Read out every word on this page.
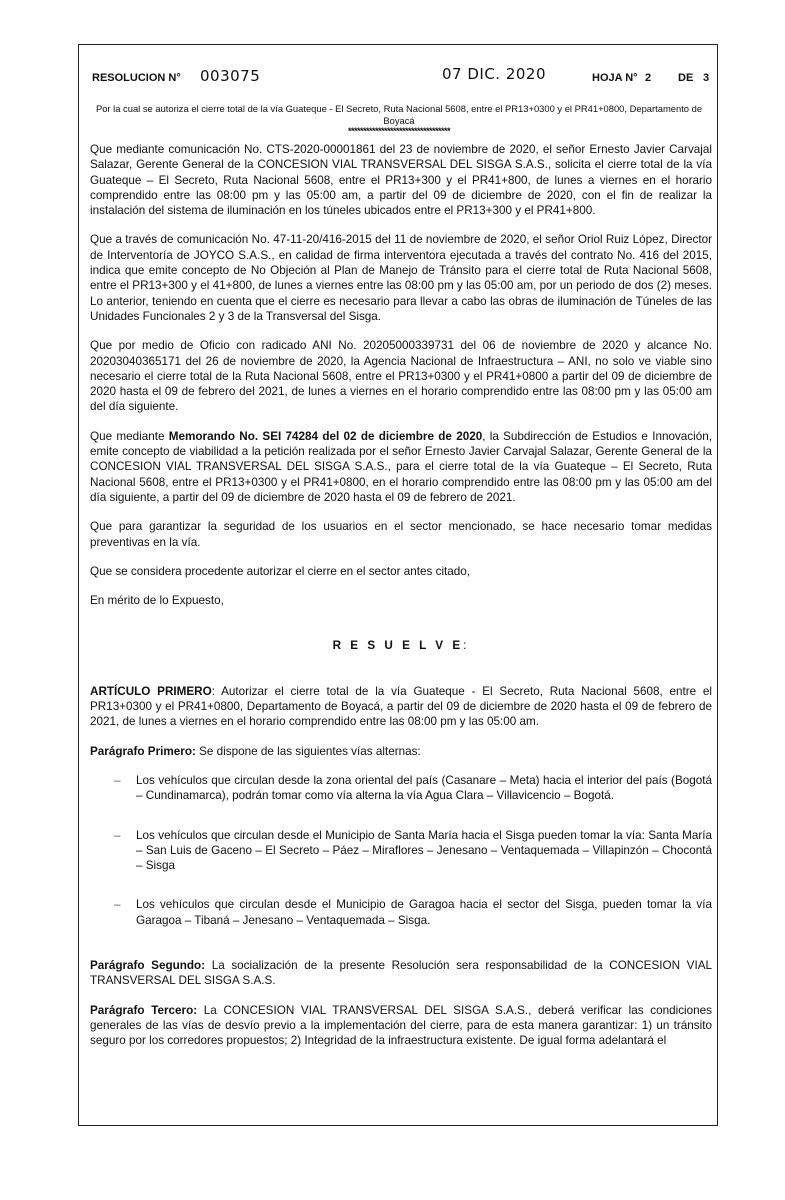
RESOLUCION N° 003075	07 DIC. 2020	HOJA N° 2 DE 3
Por la cual se autoriza el cierre total de la vía Guateque - El Secreto, Ruta Nacional 5608, entre el PR13+0300 y el PR41+0800, Departamento de Boyacá
**********************************

Que mediante comunicación No. CTS-2020-00001861 del 23 de noviembre de 2020, el señor Ernesto Javier Carvajal Salazar, Gerente General de la CONCESION VIAL TRANSVERSAL DEL SISGA S.A.S., solicita el cierre total de la vía Guateque – El Secreto, Ruta Nacional 5608, entre el PR13+300 y el PR41+800, de lunes a viernes en el horario comprendido entre las 08:00 pm y las 05:00 am, a partir del 09 de diciembre de 2020, con el fin de realizar la instalación del sistema de iluminación en los túneles ubicados entre el PR13+300 y el PR41+800.

Que a través de comunicación No. 47-11-20/416-2015 del 11 de noviembre de 2020, el señor Oriol Ruiz López, Director de Interventoría de JOYCO S.A.S., en calidad de firma interventora ejecutada a través del contrato No. 416 del 2015, indica que emite concepto de No Objeción al Plan de Manejo de Tránsito para el cierre total de Ruta Nacional 5608, entre el PR13+300 y el 41+800, de lunes a viernes entre las 08:00 pm y las 05:00 am, por un periodo de dos (2) meses. Lo anterior, teniendo en cuenta que el cierre es necesario para llevar a cabo las obras de iluminación de Túneles de las Unidades Funcionales 2 y 3 de la Transversal del Sisga.

Que por medio de Oficio con radicado ANI No. 20205000339731 del 06 de noviembre de 2020 y alcance No. 20203040365171 del 26 de noviembre de 2020, la Agencia Nacional de Infraestructura – ANI, no solo ve viable sino necesario el cierre total de la Ruta Nacional 5608, entre el PR13+0300 y el PR41+0800 a partir del 09 de diciembre de 2020 hasta el 09 de febrero del 2021, de lunes a viernes en el horario comprendido entre las 08:00 pm y las 05:00 am del día siguiente.

Que mediante Memorando No. SEI 74284 del 02 de diciembre de 2020, la Subdirección de Estudios e Innovación, emite concepto de viabilidad a la petición realizada por el señor Ernesto Javier Carvajal Salazar, Gerente General de la CONCESION VIAL TRANSVERSAL DEL SISGA S.A.S., para el cierre total de la vía Guateque – El Secreto, Ruta Nacional 5608, entre el PR13+0300 y el PR41+0800, en el horario comprendido entre las 08:00 pm y las 05:00 am del día siguiente, a partir del 09 de diciembre de 2020 hasta el 09 de febrero de 2021.

Que para garantizar la seguridad de los usuarios en el sector mencionado, se hace necesario tomar medidas preventivas en la vía.

Que se considera procedente autorizar el cierre en el sector antes citado,

En mérito de lo Expuesto,

R E S U E L V E:

ARTÍCULO PRIMERO: Autorizar el cierre total de la vía Guateque - El Secreto, Ruta Nacional 5608, entre el PR13+0300 y el PR41+0800, Departamento de Boyacá, a partir del 09 de diciembre de 2020 hasta el 09 de febrero de 2021, de lunes a viernes en el horario comprendido entre las 08:00 pm y las 05:00 am.

Parágrafo Primero: Se dispone de las siguientes vías alternas:

– Los vehículos que circulan desde la zona oriental del país (Casanare – Meta) hacia el interior del país (Bogotá – Cundinamarca), podrán tomar como vía alterna la vía Agua Clara – Villavicencio – Bogotá.
– Los vehículos que circulan desde el Municipio de Santa María hacia el Sisga pueden tomar la vía: Santa María – San Luis de Gaceno – El Secreto – Páez – Miraflores – Jenesano – Ventaquemada – Villapinzón – Chocontá – Sisga
– Los vehículos que circulan desde el Municipio de Garagoa hacia el sector del Sisga, pueden tomar la vía Garagoa – Tibaná – Jenesano – Ventaquemada – Sisga.

Parágrafo Segundo: La socialización de la presente Resolución sera responsabilidad de la CONCESION VIAL TRANSVERSAL DEL SISGA S.A.S.

Parágrafo Tercero: La CONCESION VIAL TRANSVERSAL DEL SISGA S.A.S., deberá verificar las condiciones generales de las vías de desvío previo a la implementación del cierre, para de esta manera garantizar: 1) un tránsito seguro por los corredores propuestos; 2) Integridad de la infraestructura existente. De igual forma adelantará el
